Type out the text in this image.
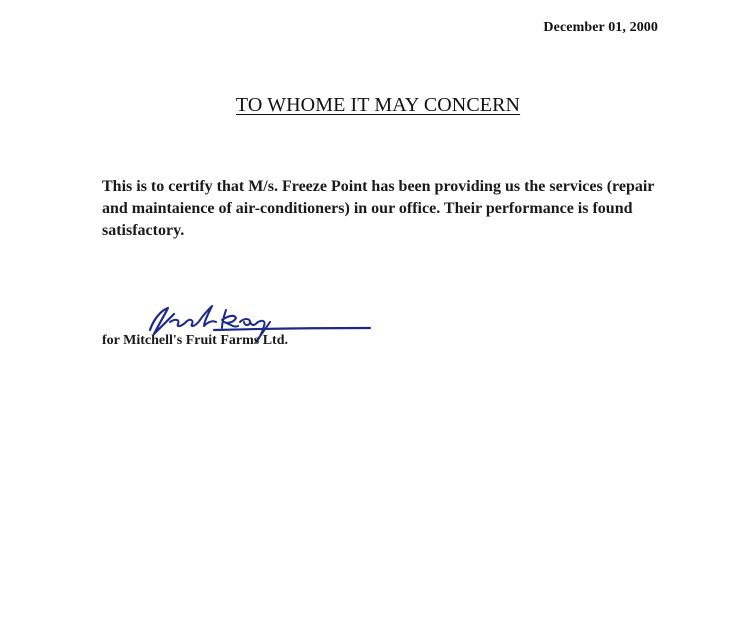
December 01, 2000
TO WHOME IT MAY CONCERN
This is to certify that M/s. Freeze Point has been providing us the services (repair and maintaience of air-conditioners) in our office. Their performance is found satisfactory.
for Mitchell's Fruit Farms Ltd.
